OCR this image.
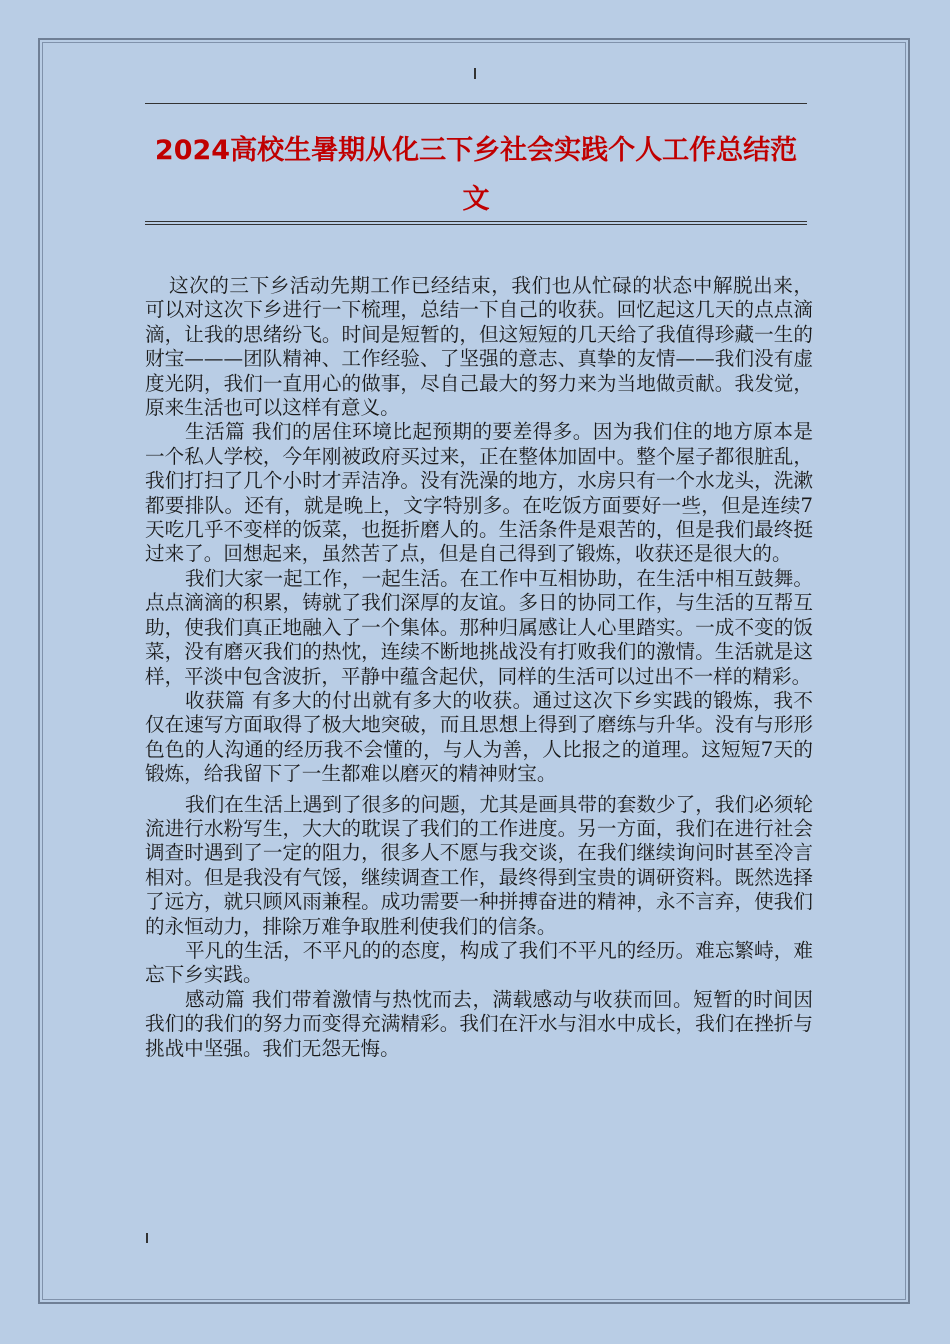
2024高校生暑期从化三下乡社会实践个人工作总结范文

这次的三下乡活动先期工作已经结束，我们也从忙碌的状态中解脱出来，可以对这次下乡进行一下梳理，总结一下自己的收获。回忆起这几天的点点滴滴，让我的思绪纷飞。时间是短暂的，但这短短的几天给了我值得珍藏一生的财宝———团队精神、工作经验、了坚强的意志、真挚的友情——我们没有虚度光阴，我们一直用心的做事，尽自己最大的努力来为当地做贡献。我发觉，原来生活也可以这样有意义。

生活篇 我们的居住环境比起预期的要差得多。因为我们住的地方原本是一个私人学校，今年刚被政府买过来，正在整体加固中。整个屋子都很脏乱，我们打扫了几个小时才弄洁净。没有洗澡的地方，水房只有一个水龙头，洗漱都要排队。还有，就是晚上，文字特别多。在吃饭方面要好一些，但是连续7天吃几乎不变样的饭菜，也挺折磨人的。生活条件是艰苦的，但是我们最终挺过来了。回想起来，虽然苦了点，但是自己得到了锻炼，收获还是很大的。

我们大家一起工作，一起生活。在工作中互相协助，在生活中相互鼓舞。点点滴滴的积累，铸就了我们深厚的友谊。多日的协同工作，与生活的互帮互助，使我们真正地融入了一个集体。那种归属感让人心里踏实。一成不变的饭菜，没有磨灭我们的热忱，连续不断地挑战没有打败我们的激情。生活就是这样，平淡中包含波折，平静中蕴含起伏，同样的生活可以过出不一样的精彩。

收获篇 有多大的付出就有多大的收获。通过这次下乡实践的锻炼，我不仅在速写方面取得了极大地突破，而且思想上得到了磨练与升华。没有与形形色色的人沟通的经历我不会懂的，与人为善，人比报之的道理。这短短7天的锻炼，给我留下了一生都难以磨灭的精神财宝。

我们在生活上遇到了很多的问题，尤其是画具带的套数少了，我们必须轮流进行水粉写生，大大的耽误了我们的工作进度。另一方面，我们在进行社会调查时遇到了一定的阻力，很多人不愿与我交谈，在我们继续询问时甚至冷言相对。但是我没有气馁，继续调查工作，最终得到宝贵的调研资料。既然选择了远方，就只顾风雨兼程。成功需要一种拼搏奋进的精神，永不言弃，使我们的永恒动力，排除万难争取胜利使我们的信条。

平凡的生活，不平凡的的态度，构成了我们不平凡的经历。难忘繁峙，难忘下乡实践。

感动篇 我们带着激情与热忱而去，满载感动与收获而回。短暂的时间因我们的我们的努力而变得充满精彩。我们在汗水与泪水中成长，我们在挫折与挑战中坚强。我们无怨无悔。
